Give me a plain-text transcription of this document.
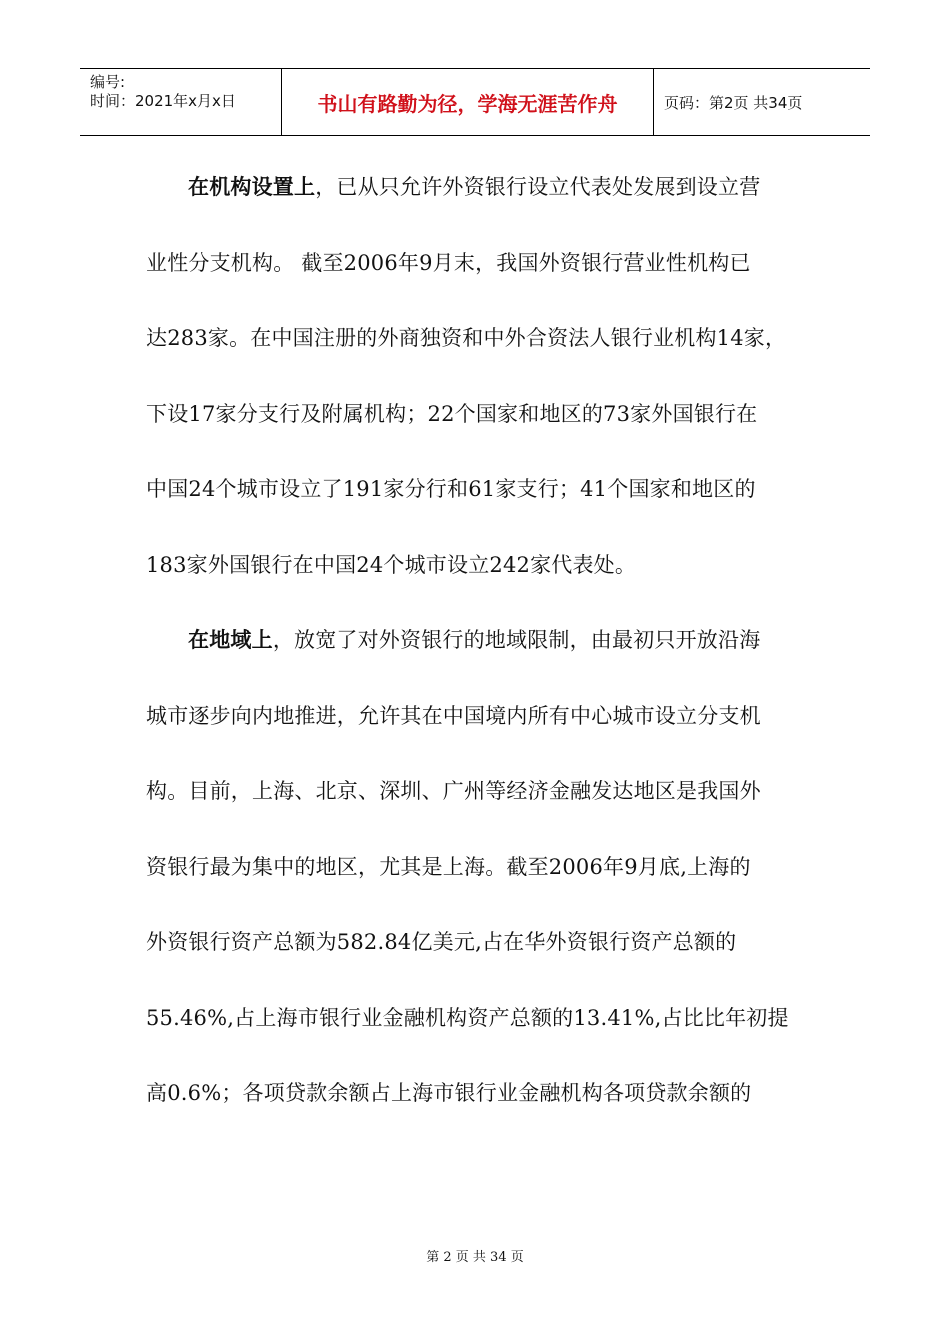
编号:
时间：2021年x月x日	书山有路勤为径，学海无涯苦作舟	页码：第2页 共34页
在机构设置上，已从只允许外资银行设立代表处发展到设立营
业性分支机构。 截至2006年9月末，我国外资银行营业性机构已
达283家。在中国注册的外商独资和中外合资法人银行业机构14家，
下设17家分支行及附属机构；22个国家和地区的73家外国银行在
中国24个城市设立了191家分行和61家支行；41个国家和地区的
183家外国银行在中国24个城市设立242家代表处。
在地域上，放宽了对外资银行的地域限制，由最初只开放沿海
城市逐步向内地推进，允许其在中国境内所有中心城市设立分支机
构。目前，上海、北京、深圳、广州等经济金融发达地区是我国外
资银行最为集中的地区，尤其是上海。截至2006年9月底,上海的
外资银行资产总额为582.84亿美元,占在华外资银行资产总额的
55.46%,占上海市银行业金融机构资产总额的13.41%,占比比年初提
高0.6%；各项贷款余额占上海市银行业金融机构各项贷款余额的
第 2 页 共 34 页
